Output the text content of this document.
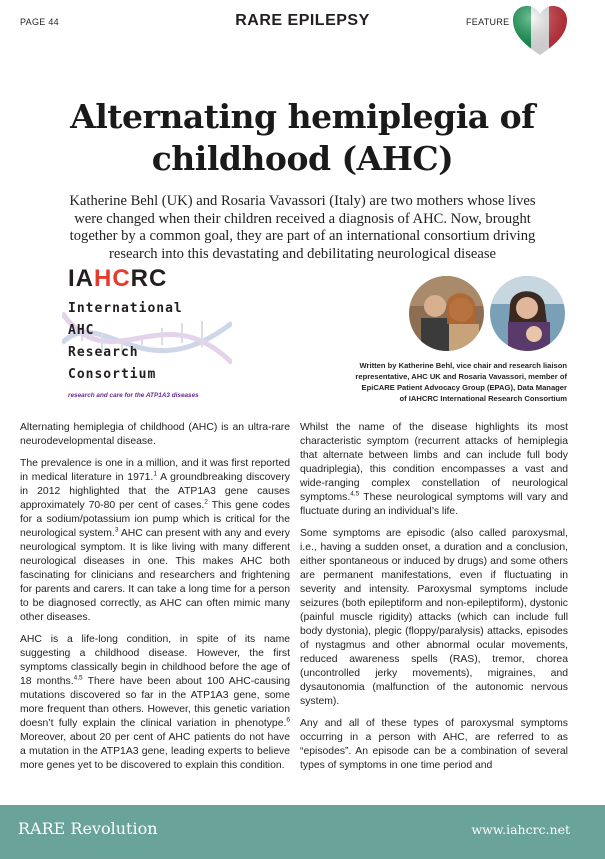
PAGE 44	RARE EPILEPSY	FEATURE
Alternating hemiplegia of
childhood (AHC)
Katherine Behl (UK) and Rosaria Vavassori (Italy) are two mothers whose lives
were changed when their children received a diagnosis of AHC. Now, brought
together by a common goal, they are part of an international consortium driving
research into this devastating and debilitating neurological disease
IAHCRC
International
AHC
Research
Consortium
research and care for the ATP1A3 diseases
Written by Katherine Behl, vice chair and research liaison
representative, AHC UK and Rosaria Vavassori, member of
EpiCARE Patient Advocacy Group (EPAG), Data Manager
of IAHCRC International Research Consortium

Alternating hemiplegia of childhood (AHC) is an ultra-rare neurodevelopmental disease.

The prevalence is one in a million, and it was first reported in medical literature in 1971.$^1$ A groundbreaking discovery in 2012 highlighted that the ATP1A3 gene causes approximately 70-80 per cent of cases.$^2$ This gene codes for a sodium/potassium ion pump which is critical for the neurological system.$^3$ AHC can present with any and every neurological symptom. It is like living with many different neurological diseases in one. This makes AHC both fascinating for clinicians and researchers and frightening for parents and carers. It can take a long time for a person to be diagnosed correctly, as AHC can often mimic many other diseases.

AHC is a life-long condition, in spite of its name suggesting a childhood disease. However, the first symptoms classically begin in childhood before the age of 18 months.$^{4,5}$ There have been about 100 AHC-causing mutations discovered so far in the ATP1A3 gene, some more frequent than others. However, this genetic variation doesn’t fully explain the clinical variation in phenotype.$^6$ Moreover, about 20 per cent of AHC patients do not have a mutation in the ATP1A3 gene, leading experts to believe more genes yet to be discovered to explain this condition.

Whilst the name of the disease highlights its most characteristic symptom (recurrent attacks of hemiplegia that alternate between limbs and can include full body quadriplegia), this condition encompasses a vast and wide-ranging complex constellation of neurological symptoms.$^{4,5}$ These neurological symptoms will vary and fluctuate during an individual’s life.

Some symptoms are episodic (also called paroxysmal, i.e., having a sudden onset, a duration and a conclusion, either spontaneous or induced by drugs) and some others are permanent manifestations, even if fluctuating in severity and intensity. Paroxysmal symptoms include seizures (both epileptiform and non-epileptiform), dystonic (painful muscle rigidity) attacks (which can include full body dystonia), plegic (floppy/paralysis) attacks, episodes of nystagmus and other abnormal ocular movements, reduced awareness spells (RAS), tremor, chorea (uncontrolled jerky movements), migraines, and dysautonomia (malfunction of the autonomic nervous system).

Any and all of these types of paroxysmal symptoms occurring in a person with AHC, are referred to as “episodes”. An episode can be a combination of several types of symptoms in one time period and

RARE Revolution	www.iahcrc.net
